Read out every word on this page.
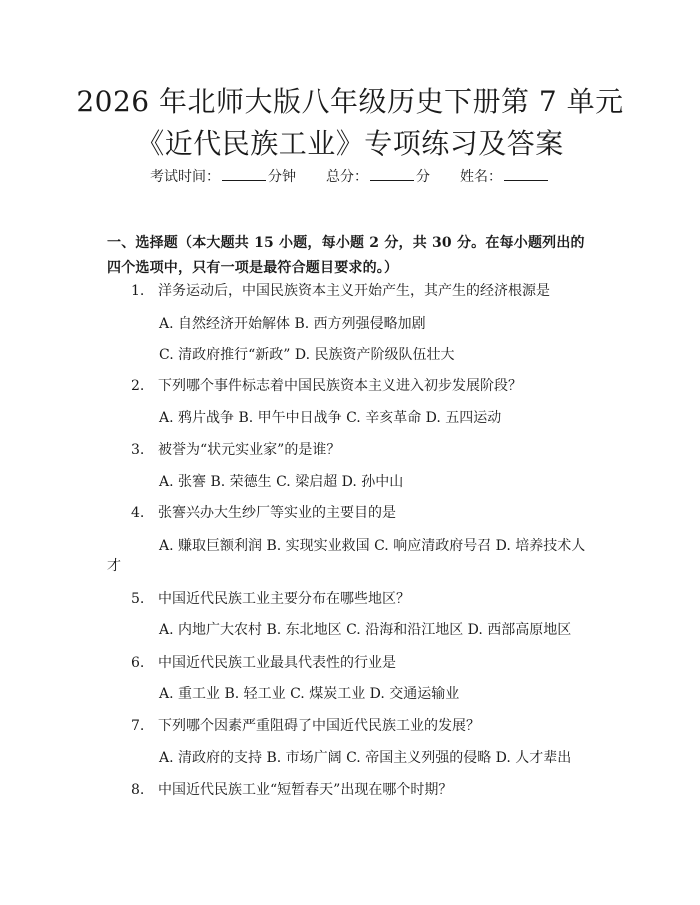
2026 年北师大版八年级历史下册第 7 单元
《近代民族工业》专项练习及答案
考试时间：	分钟 总分：	分 姓名：
一、选择题（本大题共 15 小题，每小题 2 分，共 30 分。在每小题列出的四个选项中，只有一项是最符合题目要求的。）
1. 洋务运动后，中国民族资本主义开始产生，其产生的经济根源是
A. 自然经济开始解体 B. 西方列强侵略加剧
C. 清政府推行“新政” D. 民族资产阶级队伍壮大
2. 下列哪个事件标志着中国民族资本主义进入初步发展阶段？
A. 鸦片战争 B. 甲午中日战争 C. 辛亥革命 D. 五四运动
3. 被誉为“状元实业家”的是谁？
A. 张謇 B. 荣德生 C. 梁启超 D. 孙中山
4. 张謇兴办大生纱厂等实业的主要目的是
A. 赚取巨额利润 B. 实现实业救国 C. 响应清政府号召 D. 培养技术人
才
5. 中国近代民族工业主要分布在哪些地区？
A. 内地广大农村 B. 东北地区 C. 沿海和沿江地区 D. 西部高原地区
6. 中国近代民族工业最具代表性的行业是
A. 重工业 B. 轻工业 C. 煤炭工业 D. 交通运输业
7. 下列哪个因素严重阻碍了中国近代民族工业的发展？
A. 清政府的支持 B. 市场广阔 C. 帝国主义列强的侵略 D. 人才辈出
8. 中国近代民族工业“短暂春天”出现在哪个时期？
